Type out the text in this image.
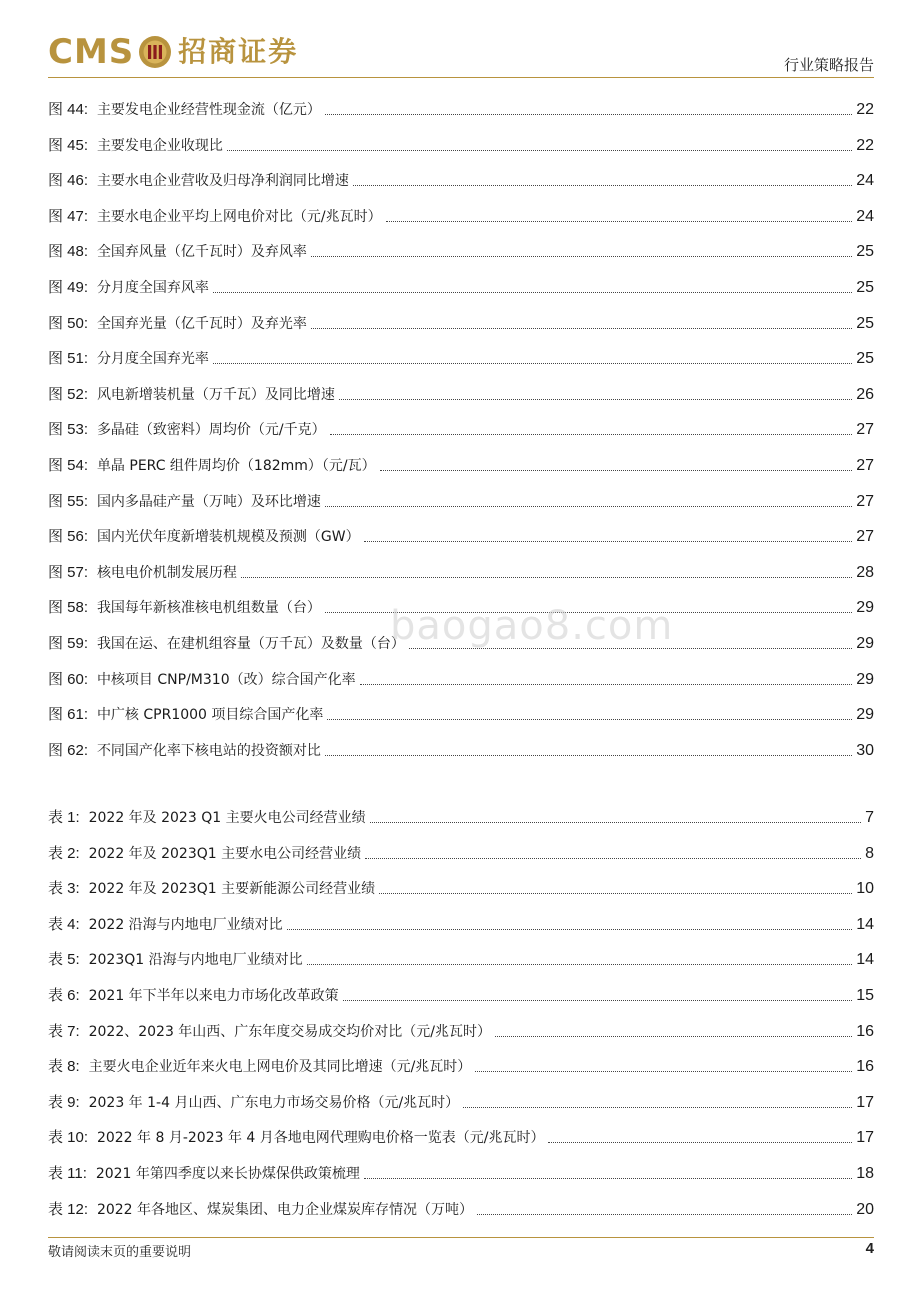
CMS 招商证券	行业策略报告
图 44: 主要发电企业经营性现金流（亿元）	22
图 45: 主要发电企业收现比	22
图 46: 主要水电企业营收及归母净利润同比增速	24
图 47: 主要水电企业平均上网电价对比（元/兆瓦时）	24
图 48: 全国弃风量（亿千瓦时）及弃风率	25
图 49: 分月度全国弃风率	25
图 50: 全国弃光量（亿千瓦时）及弃光率	25
图 51: 分月度全国弃光率	25
图 52: 风电新增装机量（万千瓦）及同比增速	26
图 53: 多晶硅（致密料）周均价（元/千克）	27
图 54: 单晶 PERC 组件周均价（182mm）（元/瓦）	27
图 55: 国内多晶硅产量（万吨）及环比增速	27
图 56: 国内光伏年度新增装机规模及预测（GW）	27
图 57: 核电电价机制发展历程	28
图 58: 我国每年新核准核电机组数量（台）	29
图 59: 我国在运、在建机组容量（万千瓦）及数量（台）	29
图 60: 中核项目 CNP/M310（改）综合国产化率	29
图 61: 中广核 CPR1000 项目综合国产化率	29
图 62: 不同国产化率下核电站的投资额对比	30
表 1: 2022 年及 2023 Q1 主要火电公司经营业绩	7
表 2: 2022 年及 2023Q1 主要水电公司经营业绩	8
表 3: 2022 年及 2023Q1 主要新能源公司经营业绩	10
表 4: 2022 沿海与内地电厂业绩对比	14
表 5: 2023Q1 沿海与内地电厂业绩对比	14
表 6: 2021 年下半年以来电力市场化改革政策	15
表 7: 2022、2023 年山西、广东年度交易成交均价对比（元/兆瓦时）	16
表 8: 主要火电企业近年来火电上网电价及其同比增速（元/兆瓦时）	16
表 9: 2023 年 1-4 月山西、广东电力市场交易价格（元/兆瓦时）	17
表 10: 2022 年 8 月-2023 年 4 月各地电网代理购电价格一览表（元/兆瓦时）	17
表 11: 2021 年第四季度以来长协煤保供政策梳理	18
表 12: 2022 年各地区、煤炭集团、电力企业煤炭库存情况（万吨）	20
baogao8.com
敬请阅读末页的重要说明	4
